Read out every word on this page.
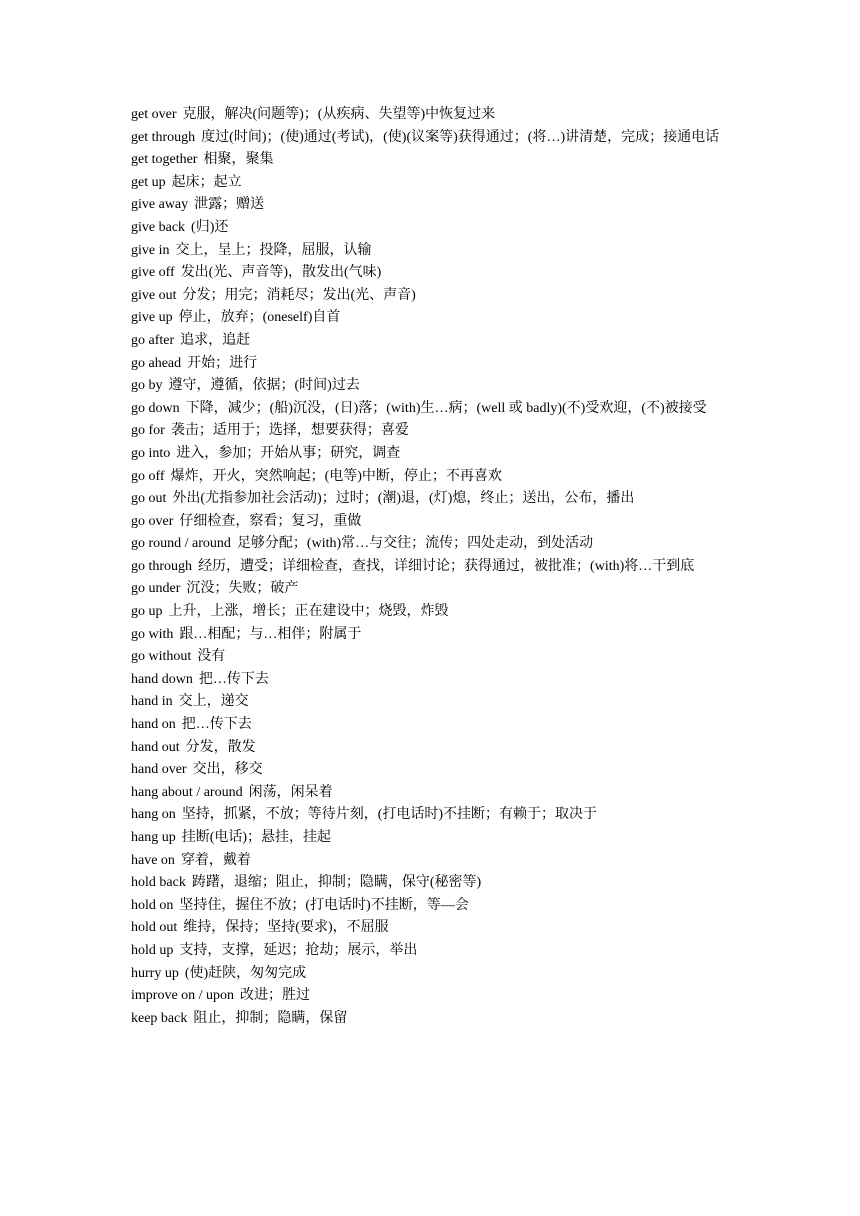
get over 克服，解决(问题等)；(从疾病、失望等)中恢复过来
get through 度过(时间)；(使)通过(考试)，(使)(议案等)获得通过；(将…)讲清楚，完成；接通电话
get together 相聚，聚集
get up 起床；起立
give away 泄露；赠送
give back (归)还
give in 交上，呈上；投降，屈服，认输
give off 发出(光、声音等)，散发出(气味)
give out 分发；用完；消耗尽；发出(光、声音)
give up 停止，放弃；(oneself)自首
go after 追求，追赶
go ahead 开始；进行
go by 遵守，遵循，依据；(时间)过去
go down 下降，减少；(船)沉没，(日)落；(with)生…病；(well 或 badly)(不)受欢迎，(不)被接受
go for 袭击；适用于；选择，想要获得；喜爱
go into 进入，参加；开始从事；研究，调查
go off 爆炸，开火，突然响起；(电等)中断，停止；不再喜欢
go out 外出(尤指参加社会活动)；过时；(潮)退，(灯)熄，终止；送出，公布，播出
go over 仔细检查，察看；复习，重做
go round / around 足够分配；(with)常…与交往；流传；四处走动，到处活动
go through 经历，遭受；详细检查，查找，详细讨论；获得通过，被批准；(with)将…干到底
go under 沉没；失败；破产
go up 上升，上涨，增长；正在建设中；烧毁，炸毁
go with 跟…相配；与…相伴；附属于
go without 没有
hand down 把…传下去
hand in 交上，递交
hand on 把…传下去
hand out 分发，散发
hand over 交出，移交
hang about / around 闲荡，闲呆着
hang on 坚持，抓紧，不放；等待片刻，(打电话时)不挂断；有赖于；取决于
hang up 挂断(电话)；悬挂，挂起
have on 穿着，戴着
hold back 踌躇，退缩；阻止，抑制；隐瞒，保守(秘密等)
hold on 坚持住，握住不放；(打电话时)不挂断，等—会
hold out 维持，保持；坚持(要求)，不屈服
hold up 支持，支撑，延迟；抢劫；展示，举出
hurry up (使)赶陕，匆匆完成
improve on / upon 改进；胜过
keep back 阻止，抑制；隐瞒，保留
